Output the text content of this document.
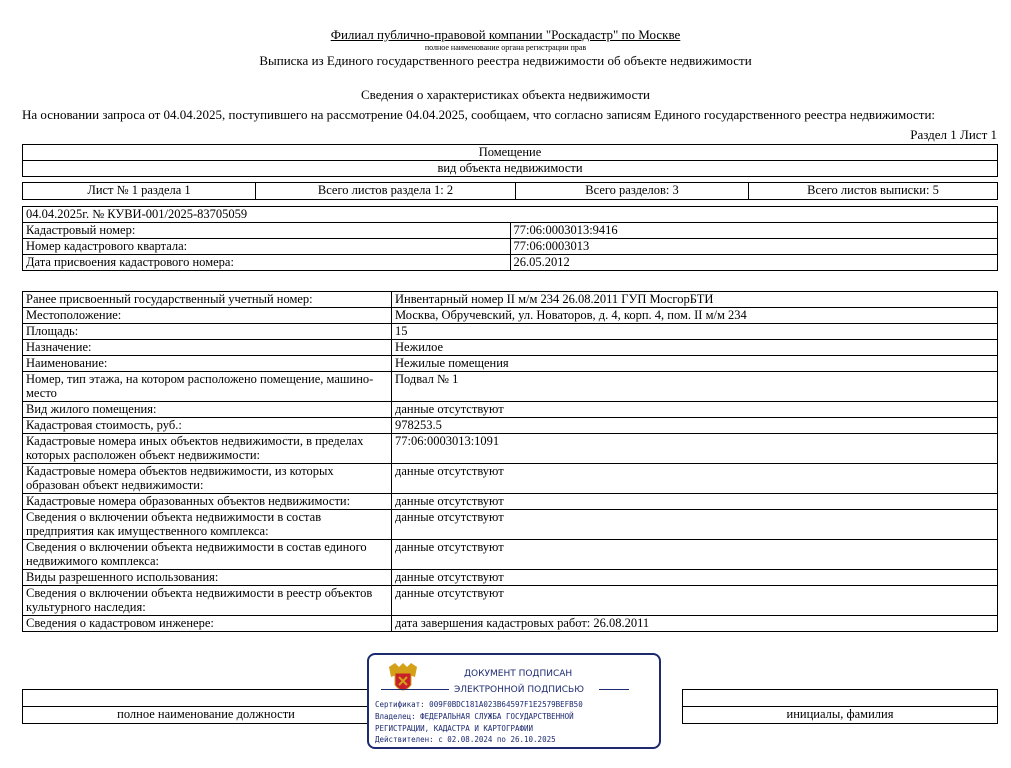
Филиал публично-правовой компании "Роскадастр" по Москве
полное наименование органа регистрации прав
Выписка из Единого государственного реестра недвижимости об объекте недвижимости
Сведения о характеристиках объекта недвижимости
На основании запроса от 04.04.2025, поступившего на рассмотрение 04.04.2025, сообщаем, что согласно записям Единого государственного реестра недвижимости:
Раздел 1 Лист 1
Помещение
вид объекта недвижимости
Лист № 1 раздела 1	Всего листов раздела 1: 2	Всего разделов: 3	Всего листов выписки: 5
04.04.2025г. № КУВИ-001/2025-83705059	
Кадастровый номер:	77:06:0003013:9416
Номер кадастрового квартала:	77:06:0003013
Дата присвоения кадастрового номера:	26.05.2012
Ранее присвоенный государственный учетный номер:	Инвентарный номер II м/м 234 26.08.2011 ГУП МосгорБТИ
Местоположение:	Москва, Обручевский, ул. Новаторов, д. 4, корп. 4, пом. II м/м 234
Площадь:	15
Назначение:	Нежилое
Наименование:	Нежилые помещения
Номер, тип этажа, на котором расположено помещение, машино-место	Подвал № 1
Вид жилого помещения:	данные отсутствуют
Кадастровая стоимость, руб.:	978253.5
Кадастровые номера иных объектов недвижимости, в пределах которых расположен объект недвижимости:	77:06:0003013:1091
Кадастровые номера объектов недвижимости, из которых образован объект недвижимости:	данные отсутствуют
Кадастровые номера образованных объектов недвижимости:	данные отсутствуют
Сведения о включении объекта недвижимости в состав предприятия как имущественного комплекса:	данные отсутствуют
Сведения о включении объекта недвижимости в состав единого недвижимого комплекса:	данные отсутствуют
Виды разрешенного использования:	данные отсутствуют
Сведения о включении объекта недвижимости в реестр объектов культурного наследия:	данные отсутствуют
Сведения о кадастровом инженере:	дата завершения кадастровых работ: 26.08.2011

полное наименование должности		инициалы, фамилия
ДОКУМЕНТ ПОДПИСАН
ЭЛЕКТРОННОЙ ПОДПИСЬЮ
Сертификат: 009F0BDC181A023B64597F1E2579BEFB50
Владелец: ФЕДЕРАЛЬНАЯ СЛУЖБА ГОСУДАРСТВЕННОЙ
РЕГИСТРАЦИИ, КАДАСТРА И КАРТОГРАФИИ
Действителен: с 02.08.2024 по 26.10.2025
